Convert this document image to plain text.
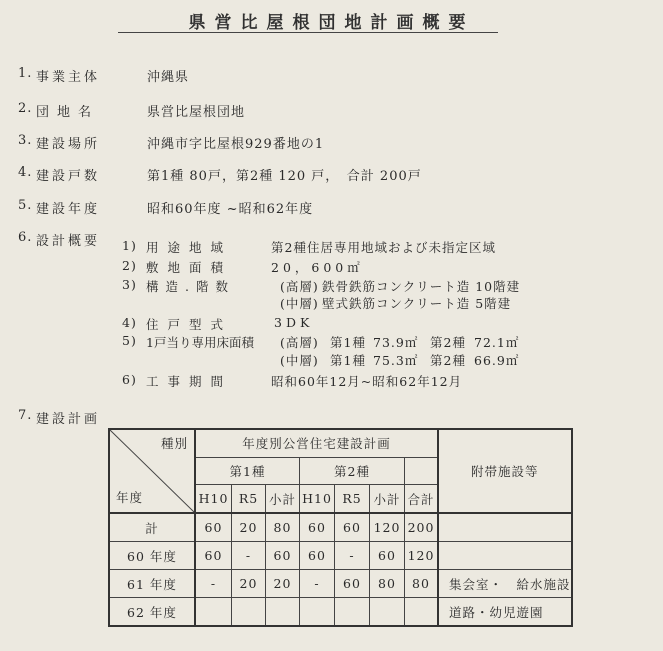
県営比屋根団地計画概要
1. 事業主体	沖縄県
2. 団地名	県営比屋根団地
3. 建設場所	沖縄市字比屋根929番地の1
4. 建設戸数	第1種 80戸，第2種 120 戸，　合計 200戸
5. 建設年度	昭和60年度 ~昭和62年度
6. 設計概要 1) 用途地域	第2種住居専用地域および未指定区域
2) 敷地面積	20，600㎡
3) 構造.階数	(高層) 鉄骨鉄筋コンクリート造 10階建
(中層) 壁式鉄筋コンクリート造 5階建
4) 住戸型式	3DK
5) 1戸当り専用床面積 (高層) 第1種 73.9㎡ 第2種 72.1㎡
(中層) 第1種 75.3㎡ 第2種 66.9㎡
6) 工事期間	昭和60年12月~昭和62年12月
7. 建設計画
種別
年度	年度別公営住宅建設計画							附帯施設等
	第1種			第2種				
	H10	R5	小計	H10	R5	小計	合計	
計	60	20	80	60	60	120	200	
60 年度	60	-	60	60	-	60	120	
61 年度	-	20	20	-	60	80	80	集会室・　給水施設
62 年度								道路・幼児遊園
